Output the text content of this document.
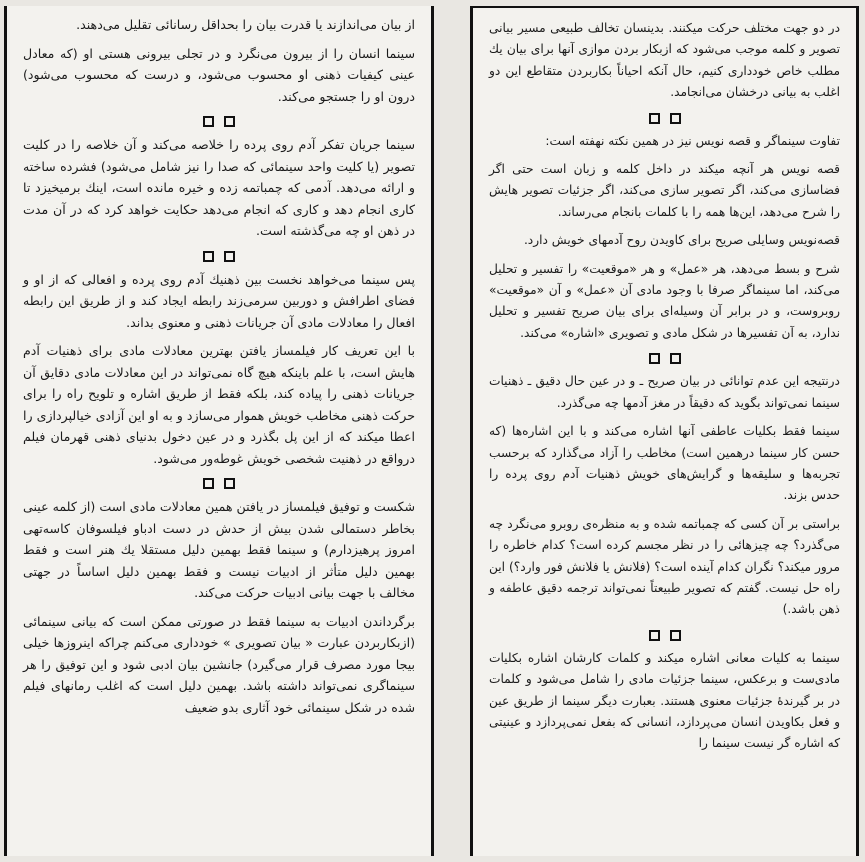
از بیان می‌اندازند یا قدرت بیان را بحداقل رسانائی تقلیل می‌دهند.

سینما انسان را از بیرون می‌نگرد و در تجلی بیرونی هستی او (که معادل عینی کیفیات ذهنی او محسوب می‌شود، و درست که محسوب می‌شود) درون او را جستجو می‌کند.

سینما جریان تفکر آدم روی پرده را خلاصه می‌کند و آن خلاصه را در کلیت تصویر (یا کلیت واحد سینمائی که صدا را نیز شامل می‌شود) فشرده ساخته و ارائه می‌دهد. آدمی که چمباتمه زده و خیره مانده است، اینك برمیخیزد تا کاری انجام دهد و کاری که انجام می‌دهد حکایت خواهد کرد که در آن مدت در ذهن او چه می‌گذشته است.

پس سینما می‌خواهد نخست بین ذهنیك آدم روی پرده و افعالی که از او و فضای اطرافش و دوربین سرمی‌زند رابطه ایجاد کند و از طریق این رابطه افعال را معادلات مادی آن جریانات ذهنی و معنوی بداند.

با این تعریف کار فیلمساز یافتن بهترین معادلات مادی برای ذهنیات آدم هایش است، با علم باینکه هیچ گاه نمی‌تواند در این معادلات مادی دقایق آن جریانات ذهنی را پیاده کند، بلکه فقط از طریق اشاره و تلویح راه را برای حرکت ذهنی مخاطب خویش هموار می‌سازد و به او این آزادی خیالپردازی را اعطا میکند که از این پل بگذرد و در عین دخول بدنیای ذهنی قهرمان فیلم درواقع در ذهنیت شخصی خویش غوطه‌ور می‌شود.

شکست و توفیق فیلمساز در یافتن همین معادلات مادی است (از کلمه عینی بخاطر دستمالی شدن بیش از حدش در دست ادباو فیلسوفان کاسه‌تهی امروز پرهیزدارم) و سینما فقط بهمین دلیل مستقلا یك هنر است و فقط بهمین دلیل متأثر از ادبیات نیست و فقط بهمین دلیل اساساً در جهتی مخالف با جهت بیانی ادبیات حرکت می‌کند.

برگرداندن ادبیات به سینما فقط در صورتی ممکن است که بیانی سینمائی (ازبکاربردن عبارت « بیان تصویری » خودداری می‌کنم چراکه اینروزها خیلی بیجا مورد مصرف قرار می‌گیرد) جانشین بیان ادبی شود و این توفیق را هر سینماگری نمی‌تواند داشته باشد. بهمین دلیل است که اغلب رمانهای فیلم شده در شکل سینمائی خود آثاری بدو ضعیف

در دو جهت مختلف حرکت میکنند. بدینسان تخالف طبیعی مسیر بیانی تصویر و کلمه موجب می‌شود که ازبکار بردن موازی آنها برای بیان یك مطلب خاص خودداری کنیم، حال آنکه احیاناً بکاربردن متقاطع این دو اغلب به بیانی درخشان می‌انجامد.

تفاوت سینماگر و قصه نویس نیز در همین نکته نهفته است:

قصه نویس هر آنچه میکند در داخل کلمه و زبان است حتی اگر فضاسازی می‌کند، اگر تصویر سازی می‌کند، اگر جزئیات تصویر هایش را شرح می‌دهد، این‌ها همه را با کلمات بانجام می‌رساند.

قصه‌نویس وسایلی صریح برای کاویدن روح آدمهای خویش دارد.

شرح و بسط می‌دهد، هر «عمل» و هر «موقعیت» را تفسیر و تحلیل می‌کند، اما سینماگر صرفا با وجود مادی آن «عمل» و آن «موقعیت» روبروست، و در برابر آن وسیله‌ای برای بیان صریح تفسیر و تحلیل ندارد، به آن تفسیرها در شکل مادی و تصویری «اشاره» می‌کند.

درنتیجه این عدم توانائی در بیان صریح ـ و در عین حال دقیق ـ ذهنیات سینما نمی‌تواند بگوید که دقیقاً در مغز آدمها چه می‌گذرد.

سینما فقط بکلیات عاطفی آنها اشاره می‌کند و با این اشاره‌ها (که حسن کار سینما درهمین است) مخاطب را آزاد می‌گذارد که برحسب تجربه‌ها و سلیقه‌ها و گرایش‌های خویش ذهنیات آدم روی پرده را حدس بزند.

براستی بر آن کسی که چمباتمه شده و به منظره‌ی روبرو می‌نگرد چه می‌گذرد؟ چه چیزهائی را در نظر مجسم کرده است؟ کدام خاطره را مرور میکند؟ نگران کدام آینده است؟ (فلانش یا فلانش فور وارد؟) این راه حل نیست. گفتم که تصویر طبیعتاً نمی‌تواند ترجمه دقیق عاطفه و ذهن باشد.)

سینما به کلیات معانی اشاره میکند و کلمات کارشان اشاره بکلیات مادی‌ست و برعکس، سینما جزئیات مادی را شامل می‌شود و کلمات در بر گیرنده‌ٔ جزئیات معنوی هستند. بعبارت دیگر سینما از طریق عین و فعل بکاویدن انسان می‌پردازد، انسانی که بفعل نمی‌پردازد و عینیتی که اشاره گر نیست سینما را
